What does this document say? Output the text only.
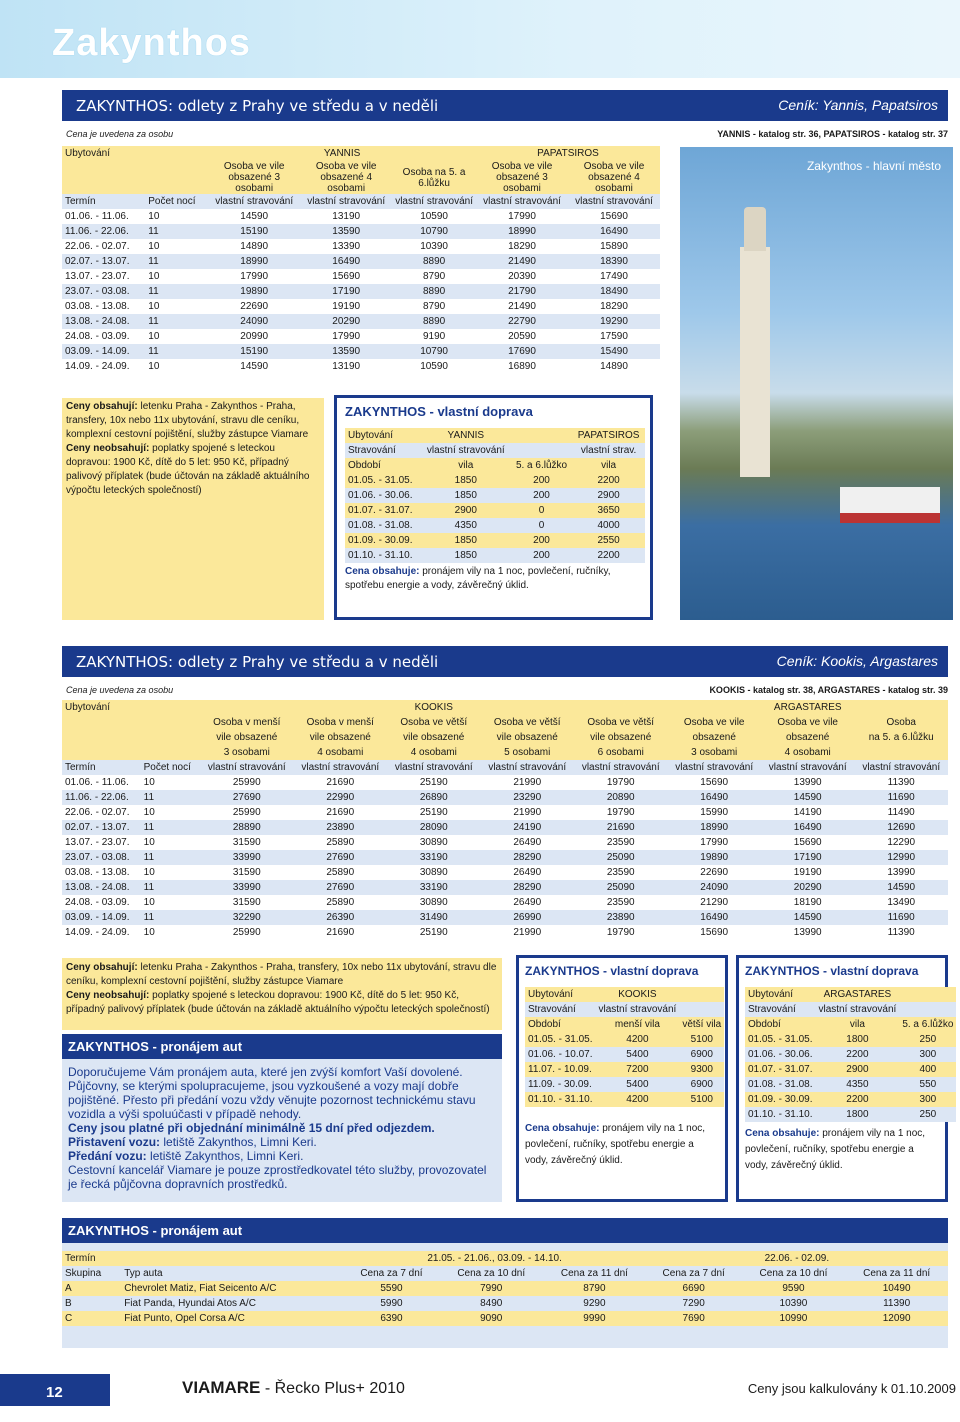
Zakynthos
ZAKYNTHOS: odlety z Prahy ve středu a v neděli	Ceník: Yannis, Papatsiros
Cena je uvedena za osobu	YANNIS - katalog str. 36, PAPATSIROS - katalog str. 37
Ubytování		YANNIS			PAPATSIROS	
		Osoba ve vile obsazené 3 osobami	Osoba ve vile obsazené 4 osobami	Osoba na 5. a 6.lůžku	Osoba ve vile obsazené 3 osobami	Osoba ve vile obsazené 4 osobami
Termín	Počet nocí	vlastní stravování	vlastní stravování	vlastní stravování	vlastní stravování	vlastní stravování
01.06. - 11.06.	10	14590	13190	10590	17990	15690
11.06. - 22.06.	11	15190	13590	10790	18990	16490
22.06. - 02.07.	10	14890	13390	10390	18290	15890
02.07. - 13.07.	11	18990	16490	8890	21490	18390
13.07. - 23.07.	10	17990	15690	8790	20390	17490
23.07. - 03.08.	11	19890	17190	8890	21790	18490
03.08. - 13.08.	10	22690	19190	8790	21490	18290
13.08. - 24.08.	11	24090	20290	8890	22790	19290
24.08. - 03.09.	10	20990	17990	9190	20590	17590
03.09. - 14.09.	11	15190	13590	10790	17690	15490
14.09. - 24.09.	10	14590	13190	10590	16890	14890
Zakynthos - hlavní město
Ceny obsahují: letenku Praha - Zakynthos - Praha, transfery, 10x nebo 11x ubytování, stravu dle ceníku, komplexní cestovní pojištění, služby zástupce Viamare Ceny neobsahují: poplatky spojené s leteckou dopravou: 1900 Kč, dítě do 5 let: 950 Kč, případný palivový příplatek (bude účtován na základě aktuálního výpočtu leteckých společností)
ZAKYNTHOS - vlastní doprava
Ubytování	YANNIS		PAPATSIROS
Stravování	vlastní stravování		vlastní strav.
Období	vila	5. a 6.lůžko	vila
01.05. - 31.05.	1850	200	2200
01.06. - 30.06.	1850	200	2900
01.07. - 31.07.	2900	0	3650
01.08. - 31.08.	4350	0	4000
01.09. - 30.09.	1850	200	2550
01.10. - 31.10.	1850	200	2200
Cena obsahuje: pronájem vily na 1 noc, povlečení, ručníky, spotřebu energie a vody, závěrečný úklid.
ZAKYNTHOS: odlety z Prahy ve středu a v neděli	Ceník: Kookis, Argastares
Cena je uvedena za osobu	KOOKIS - katalog str. 38, ARGASTARES - katalog str. 39
Ubytování		KOOKIS					ARGASTARES		
		Osoba v menší	Osoba v menší	Osoba ve větší	Osoba ve větší	Osoba ve větší	Osoba ve vile	Osoba ve vile	Osoba
		vile obsazené	vile obsazené	vile obsazené	vile obsazené	vile obsazené	obsazené	obsazené	na 5. a 6.lůžku
		3 osobami	4 osobami	4 osobami	5 osobami	6 osobami	3 osobami	4 osobami	
Termín	Počet nocí	vlastní stravování	vlastní stravování	vlastní stravování	vlastní stravování	vlastní stravování	vlastní stravování	vlastní stravování	vlastní stravování
01.06. - 11.06.	10	25990	21690	25190	21990	19790	15690	13990	11390
11.06. - 22.06.	11	27690	22990	26890	23290	20890	16490	14590	11690
22.06. - 02.07.	10	25990	21690	25190	21990	19790	15990	14190	11490
02.07. - 13.07.	11	28890	23890	28090	24190	21690	18990	16490	12690
13.07. - 23.07.	10	31590	25890	30890	26490	23590	17990	15690	12290
23.07. - 03.08.	11	33990	27690	33190	28290	25090	19890	17190	12990
03.08. - 13.08.	10	31590	25890	30890	26490	23590	22690	19190	13990
13.08. - 24.08.	11	33990	27690	33190	28290	25090	24090	20290	14590
24.08. - 03.09.	10	31590	25890	30890	26490	23590	21290	18190	13490
03.09. - 14.09.	11	32290	26390	31490	26990	23890	16490	14590	11690
14.09. - 24.09.	10	25990	21690	25190	21990	19790	15690	13990	11390
Ceny obsahují: letenku Praha - Zakynthos - Praha, transfery, 10x nebo 11x ubytování, stravu dle ceníku, komplexní cestovní pojištění, služby zástupce Viamare
Ceny neobsahují: poplatky spojené s leteckou dopravou: 1900 Kč, dítě do 5 let: 950 Kč, případný palivový příplatek (bude účtován na základě aktuálního výpočtu leteckých společností)
ZAKYNTHOS - pronájem aut
Doporučujeme Vám pronájem auta, které jen zvýší komfort Vaší dovolené. Půjčovny, se kterými spolupracujeme, jsou vyzkoušené a vozy mají dobře pojištěné. Přesto při předání vozu vždy věnujte pozornost technickému stavu vozidla a výši spoluúčasti v případě nehody.
Ceny jsou platné při objednání minimálně 15 dní před odjezdem.
Přistavení vozu: letiště Zakynthos, Limni Keri.
Předání vozu: letiště Zakynthos, Limni Keri.
Cestovní kancelář Viamare je pouze zprostředkovatel této služby, provozovatel je řecká půjčovna dopravních prostředků.
ZAKYNTHOS - vlastní doprava
Ubytování	KOOKIS	
Stravování	vlastní stravování	
Období	menší vila	větší vila
01.05. - 31.05.	4200	5100
01.06. - 10.07.	5400	6900
11.07. - 10.09.	7200	9300
11.09. - 30.09.	5400	6900
01.10. - 31.10.	4200	5100
Cena obsahuje: pronájem vily na 1 noc, povlečení, ručníky, spotřebu energie a vody, závěrečný úklid.
ZAKYNTHOS - vlastní doprava
Ubytování	ARGASTARES	
Stravování	vlastní stravování	
Období	vila	5. a 6.lůžko
01.05. - 31.05.	1800	250
01.06. - 30.06.	2200	300
01.07. - 31.07.	2900	400
01.08. - 31.08.	4350	550
01.09. - 30.09.	2200	300
01.10. - 31.10.	1800	250
Cena obsahuje: pronájem vily na 1 noc, povlečení, ručníky, spotřebu energie a vody, závěrečný úklid.
ZAKYNTHOS - pronájem aut
Termín		21.05. - 21.06., 03.09. - 14.10.			22.06. - 02.09.		
Skupina	Typ auta	Cena za 7 dní	Cena za 10 dní	Cena za 11 dní	Cena za 7 dní	Cena za 10 dní	Cena za 11 dní
A	Chevrolet Matiz, Fiat Seicento A/C	5590	7990	8790	6690	9590	10490
B	Fiat Panda, Hyundai Atos A/C	5990	8490	9290	7290	10390	11390
C	Fiat Punto, Opel Corsa A/C	6390	9090	9990	7690	10990	12090
12	VIAMARE - Řecko Plus+ 2010	Ceny jsou kalkulovány k 01.10.2009
